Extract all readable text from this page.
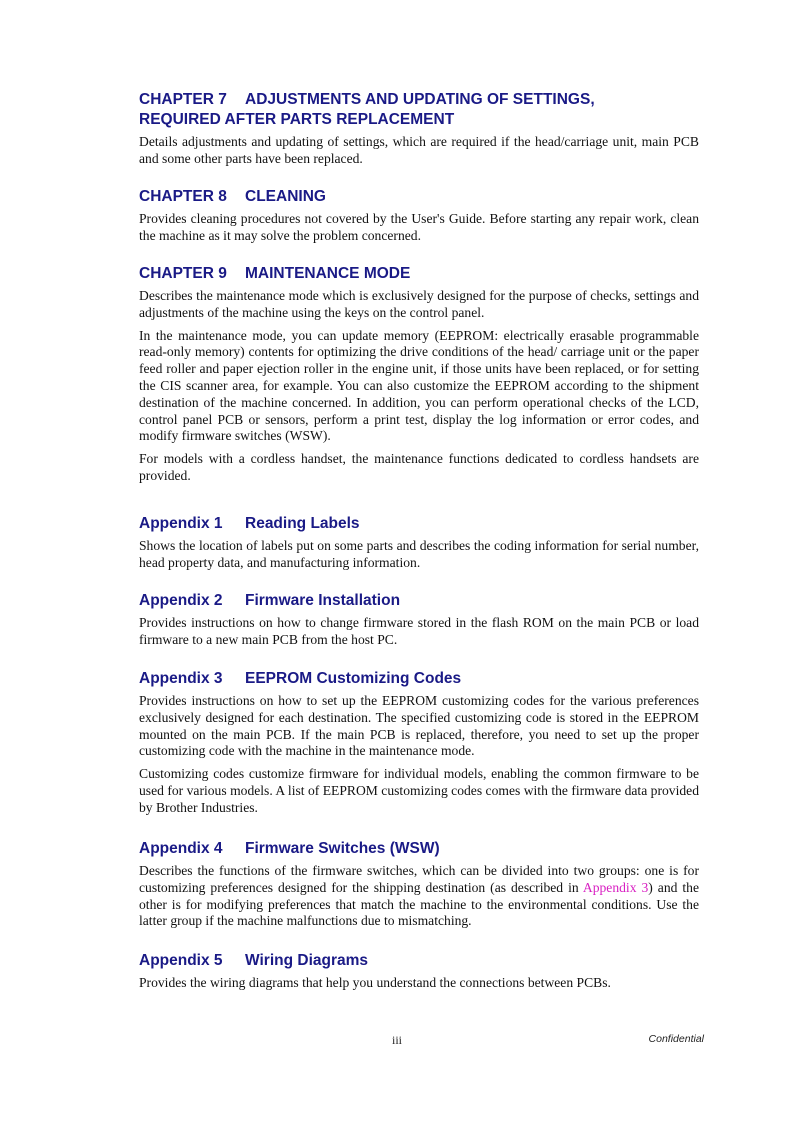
CHAPTER 7 ADJUSTMENTS AND UPDATING OF SETTINGS,
REQUIRED AFTER PARTS REPLACEMENT

Details adjustments and updating of settings, which are required if the head/carriage unit, main PCB and some other parts have been replaced.

CHAPTER 8 CLEANING

Provides cleaning procedures not covered by the User's Guide. Before starting any repair work, clean the machine as it may solve the problem concerned.

CHAPTER 9 MAINTENANCE MODE

Describes the maintenance mode which is exclusively designed for the purpose of checks, settings and adjustments of the machine using the keys on the control panel.

In the maintenance mode, you can update memory (EEPROM: electrically erasable programmable read-only memory) contents for optimizing the drive conditions of the head/ carriage unit or the paper feed roller and paper ejection roller in the engine unit, if those units have been replaced, or for setting the CIS scanner area, for example. You can also customize the EEPROM according to the shipment destination of the machine concerned. In addition, you can perform operational checks of the LCD, control panel PCB or sensors, perform a print test, display the log information or error codes, and modify firmware switches (WSW).

For models with a cordless handset, the maintenance functions dedicated to cordless handsets are provided.

Appendix 1 Reading Labels

Shows the location of labels put on some parts and describes the coding information for serial number, head property data, and manufacturing information.

Appendix 2 Firmware Installation

Provides instructions on how to change firmware stored in the flash ROM on the main PCB or load firmware to a new main PCB from the host PC.

Appendix 3 EEPROM Customizing Codes

Provides instructions on how to set up the EEPROM customizing codes for the various preferences exclusively designed for each destination. The specified customizing code is stored in the EEPROM mounted on the main PCB. If the main PCB is replaced, therefore, you need to set up the proper customizing code with the machine in the maintenance mode.

Customizing codes customize firmware for individual models, enabling the common firmware to be used for various models. A list of EEPROM customizing codes comes with the firmware data provided by Brother Industries.

Appendix 4 Firmware Switches (WSW)

Describes the functions of the firmware switches, which can be divided into two groups: one is for customizing preferences designed for the shipping destination (as described in Appendix 3) and the other is for modifying preferences that match the machine to the environmental conditions. Use the latter group if the machine malfunctions due to mismatching.

Appendix 5 Wiring Diagrams

Provides the wiring diagrams that help you understand the connections between PCBs.

iii	Confidential
